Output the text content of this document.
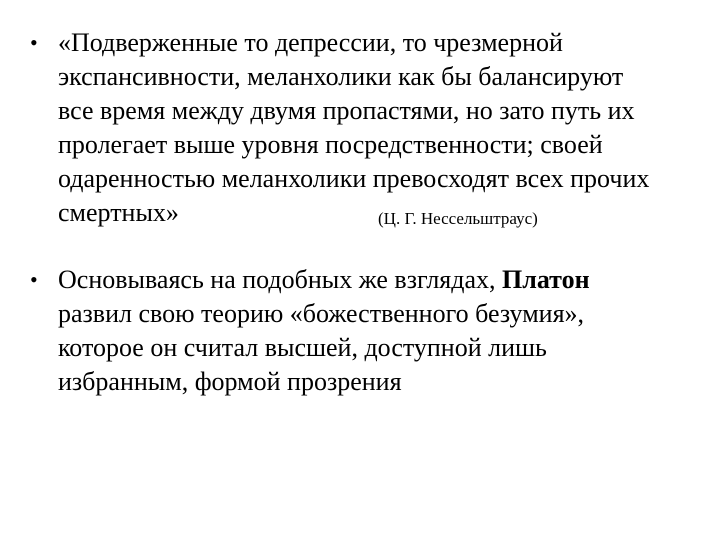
• «Подверженные то депрессии, то чрезмерной
экспансивности, меланхолики как бы балансируют
все время между двумя пропастями, но зато путь их
пролегает выше уровня посредственности; своей
одаренностью меланхолики превосходят всех прочих
смертных»	(Ц. Г. Нессельштраус)
• Основываясь на подобных же взглядах, Платон
развил свою теорию «божественного безумия»,
которое он считал высшей, доступной лишь
избранным, формой прозрения
